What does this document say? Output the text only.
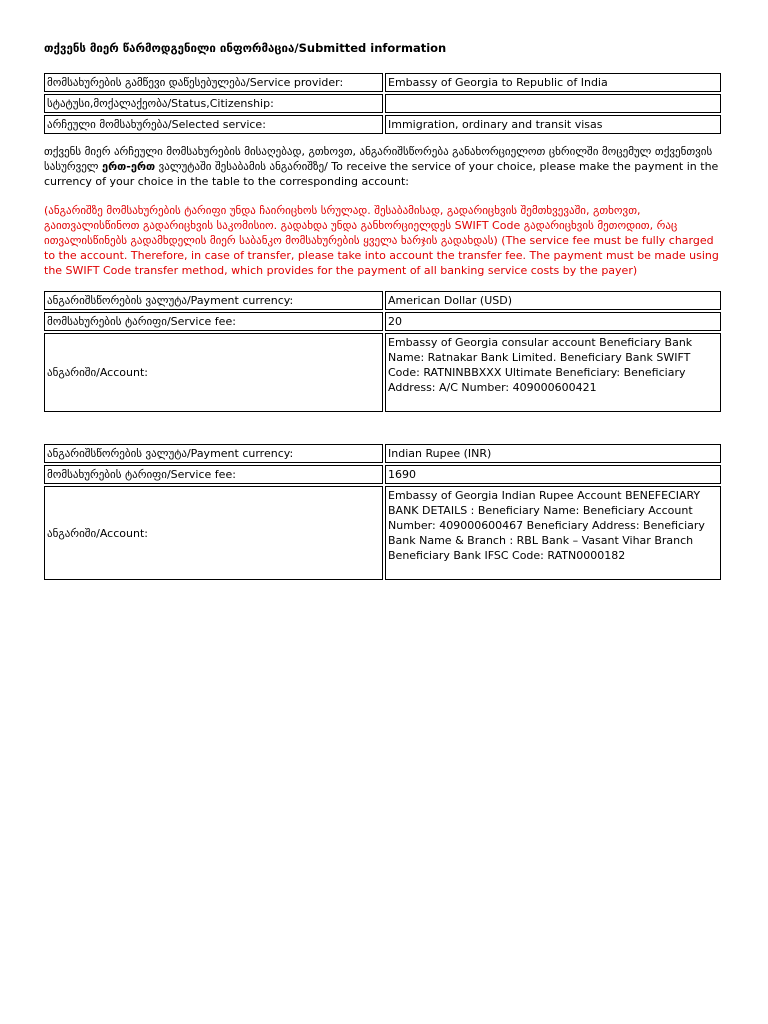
თქვენს მიერ წარმოდგენილი ინფორმაცია/Submitted information
მომსახურების გამწევი დაწესებულება/Service provider:		Embassy of Georgia to Republic of India
სტატუსი,მოქალაქეობა/Status,Citizenship:		
არჩეული მომსახურება/Selected service:		Immigration, ordinary and transit visas
თქვენს მიერ არჩეული მომსახურების მისაღებად, გთხოვთ, ანგარიშსწორება განახორციელოთ ცხრილში მოცემულ თქვენთვის სასურველ ერთ-ერთ ვალუტაში შესაბამის ანგარიშზე/ To receive the service of your choice, please make the payment in the currency of your choice in the table to the corresponding account:
(ანგარიშზე მომსახურების ტარიფი უნდა ჩაირიცხოს სრულად. შესაბამისად, გადარიცხვის შემთხვევაში, გთხოვთ, გაითვალისწინოთ გადარიცხვის საკომისიო. გადახდა უნდა განხორციელდეს SWIFT Code გადარიცხვის მეთოდით, რაც ითვალისწინებს გადამხდელის მიერ საბანკო მომსახურების ყველა ხარჯის გადახდას) (The service fee must be fully charged to the account. Therefore, in case of transfer, please take into account the transfer fee. The payment must be made using the SWIFT Code transfer method, which provides for the payment of all banking service costs by the payer)
ანგარიშსწორების ვალუტა/Payment currency:		American Dollar (USD)
მომსახურების ტარიფი/Service fee:		20
ანგარიში/Account:		Embassy of Georgia consular account Beneficiary Bank Name: Ratnakar Bank Limited. Beneficiary Bank SWIFT Code: RATNINBBXXX Ultimate Beneficiary: Beneficiary Address: A/C Number: 409000600421
ანგარიშსწორების ვალუტა/Payment currency:		Indian Rupee (INR)
მომსახურების ტარიფი/Service fee:		1690
ანგარიში/Account:		Embassy of Georgia Indian Rupee Account BENEFECIARY BANK DETAILS : Beneficiary Name: Beneficiary Account Number: 409000600467 Beneficiary Address: Beneficiary Bank Name & Branch : RBL Bank – Vasant Vihar Branch Beneficiary Bank IFSC Code: RATN0000182
